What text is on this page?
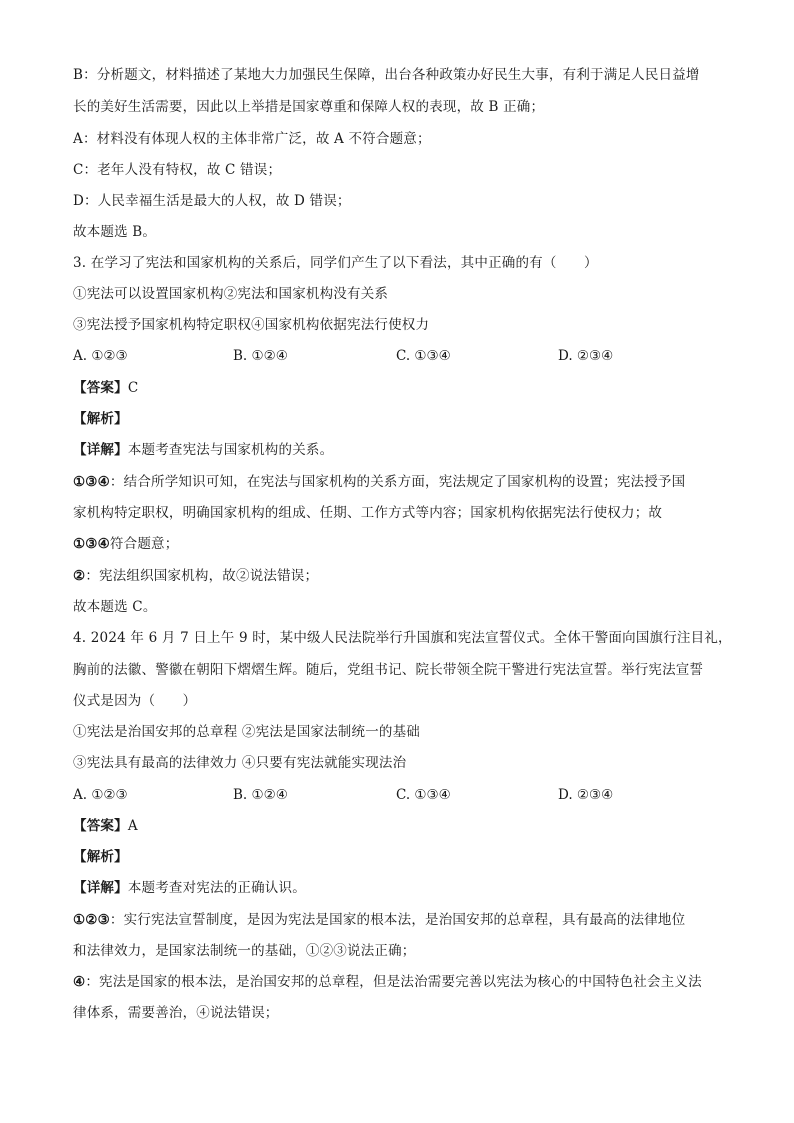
B：分析题文，材料描述了某地大力加强民生保障，出台各种政策办好民生大事，有利于满足人民日益增
长的美好生活需要，因此以上举措是国家尊重和保障人权的表现，故 B 正确；
A：材料没有体现人权的主体非常广泛，故 A 不符合题意；
C：老年人没有特权，故 C 错误；
D：人民幸福生活是最大的人权，故 D 错误；
故本题选 B。
3. 在学习了宪法和国家机构的关系后，同学们产生了以下看法，其中正确的有（　　）
①宪法可以设置国家机构②宪法和国家机构没有关系
③宪法授予国家机构特定职权④国家机构依据宪法行使权力
A. ①②③	B. ①②④	C. ①③④	D. ②③④
【答案】C
【解析】
【详解】本题考查宪法与国家机构的关系。
①③④：结合所学知识可知，在宪法与国家机构的关系方面，宪法规定了国家机构的设置；宪法授予国
家机构特定职权，明确国家机构的组成、任期、工作方式等内容；国家机构依据宪法行使权力；故
①③④符合题意；
②：宪法组织国家机构，故②说法错误；
故本题选 C。
4. 2024 年 6 月 7 日上午 9 时，某中级人民法院举行升国旗和宪法宣誓仪式。全体干警面向国旗行注目礼，
胸前的法徽、警徽在朝阳下熠熠生辉。随后，党组书记、院长带领全院干警进行宪法宣誓。举行宪法宣誓
仪式是因为（　　）
①宪法是治国安邦的总章程 ②宪法是国家法制统一的基础
③宪法具有最高的法律效力 ④只要有宪法就能实现法治
A. ①②③	B. ①②④	C. ①③④	D. ②③④
【答案】A
【解析】
【详解】本题考查对宪法的正确认识。
①②③：实行宪法宣誓制度，是因为宪法是国家的根本法，是治国安邦的总章程，具有最高的法律地位
和法律效力，是国家法制统一的基础，①②③说法正确；
④：宪法是国家的根本法，是治国安邦的总章程，但是法治需要完善以宪法为核心的中国特色社会主义法
律体系，需要善治，④说法错误；
